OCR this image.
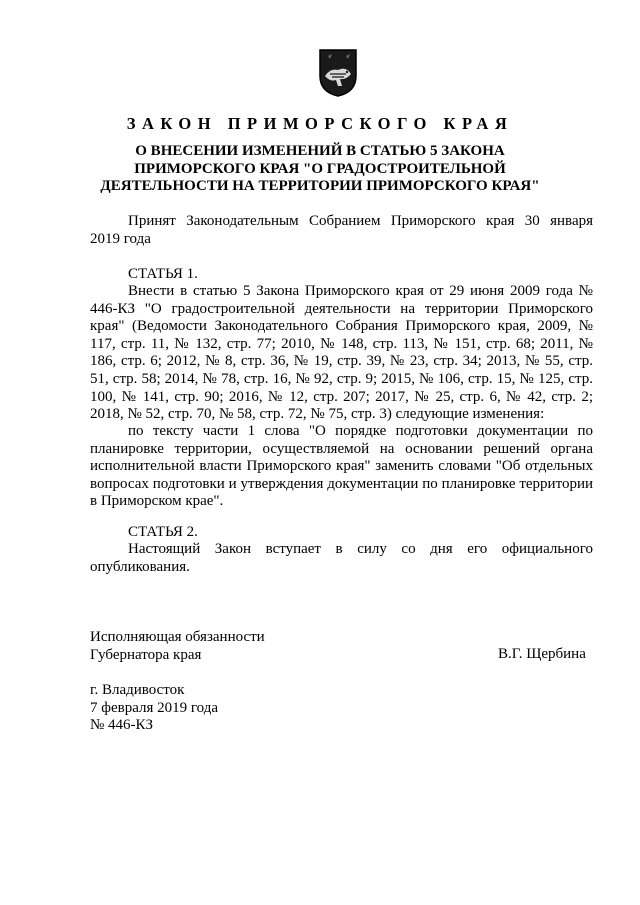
ЗАКОН ПРИМОРСКОГО КРАЯ
О ВНЕСЕНИИ ИЗМЕНЕНИЙ В СТАТЬЮ 5 ЗАКОНА
ПРИМОРСКОГО КРАЯ "О ГРАДОСТРОИТЕЛЬНОЙ
ДЕЯТЕЛЬНОСТИ НА ТЕРРИТОРИИ ПРИМОРСКОГО КРАЯ"
Принят Законодательным Собранием Приморского края 30 января
2019 года
СТАТЬЯ 1.
Внести в статью 5 Закона Приморского края от 29 июня 2009 года № 446-КЗ "О градостроительной деятельности на территории Приморского края" (Ведомости Законодательного Собрания Приморского края, 2009, № 117, стр. 11, № 132, стр. 77; 2010, № 148, стр. 113, № 151, стр. 68; 2011, № 186, стр. 6; 2012, № 8, стр. 36, № 19, стр. 39, № 23, стр. 34; 2013, № 55, стр. 51, стр. 58; 2014, № 78, стр. 16, № 92, стр. 9; 2015, № 106, стр. 15, № 125, стр. 100, № 141, стр. 90; 2016, № 12, стр. 207; 2017, № 25, стр. 6, № 42, стр. 2; 2018, № 52, стр. 70, № 58, стр. 72, № 75, стр. 3) следующие изменения:
по тексту части 1 слова "О порядке подготовки документации по планировке территории, осуществляемой на основании решений органа исполнительной власти Приморского края" заменить словами "Об отдельных вопросах подготовки и утверждения документации по планировке территории в Приморском крае".
СТАТЬЯ 2.
Настоящий Закон вступает в силу со дня его официального опубликования.
Исполняющая обязанности
Губернатора края	В.Г. Щербина
г. Владивосток
7 февраля 2019 года
№ 446-КЗ
